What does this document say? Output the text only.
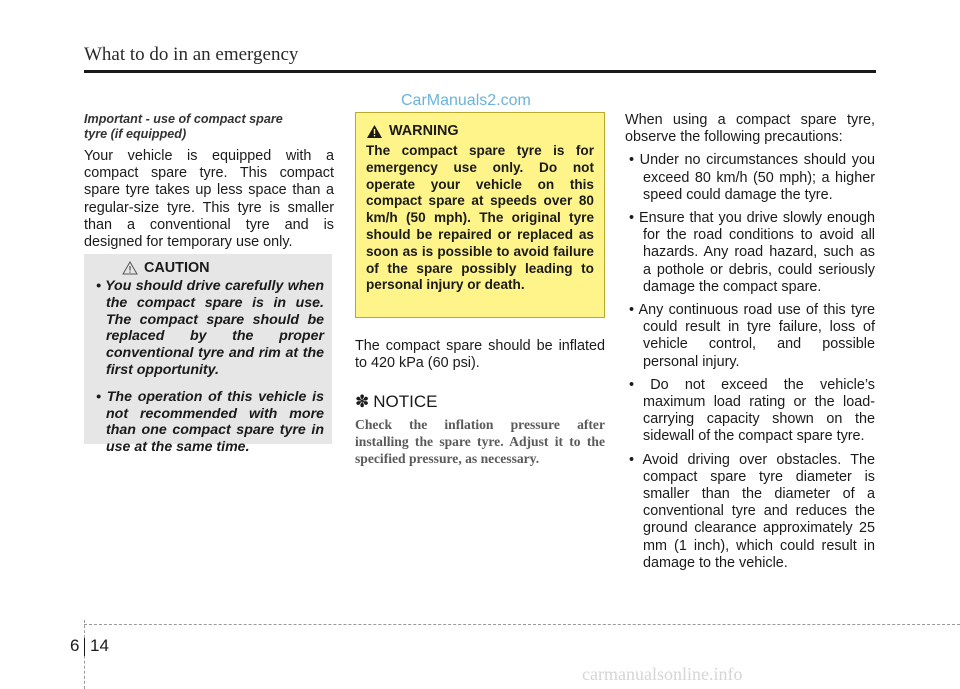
What to do in an emergency
CarManuals2.com

Important - use of compact spare
tyre (if equipped)

Your vehicle is equipped with a compact spare tyre. This compact spare tyre takes up less space than a regular-size tyre. This tyre is smaller than a conventional tyre and is designed for temporary use only.

CAUTION
• You should drive carefully when the compact spare is in use. The compact spare should be replaced by the proper conventional tyre and rim at the first opportunity.
• The operation of this vehicle is not recommended with more than one compact spare tyre in use at the same time.
WARNING

The compact spare tyre is for emergency use only. Do not operate your vehicle on this compact spare at speeds over 80 km/h (50 mph). The original tyre should be repaired or replaced as soon as is possible to avoid failure of the spare possibly leading to personal injury or death.

The compact spare should be inflated to 420 kPa (60 psi).

✽ NOTICE

Check the inflation pressure after installing the spare tyre. Adjust it to the specified pressure, as necessary.

When using a compact spare tyre, observe the following precautions:

• Under no circumstances should you exceed 80 km/h (50 mph); a higher speed could damage the tyre.
• Ensure that you drive slowly enough for the road conditions to avoid all hazards. Any road hazard, such as a pothole or debris, could seriously damage the compact spare.
• Any continuous road use of this tyre could result in tyre failure, loss of vehicle control, and possible personal injury.
• Do not exceed the vehicle’s maximum load rating or the load-carrying capacity shown on the sidewall of the compact spare tyre.
• Avoid driving over obstacles. The compact spare tyre diameter is smaller than the diameter of a conventional tyre and reduces the ground clearance approximately 25 mm (1 inch), which could result in damage to the vehicle.
6 14
carmanualsonline.info
